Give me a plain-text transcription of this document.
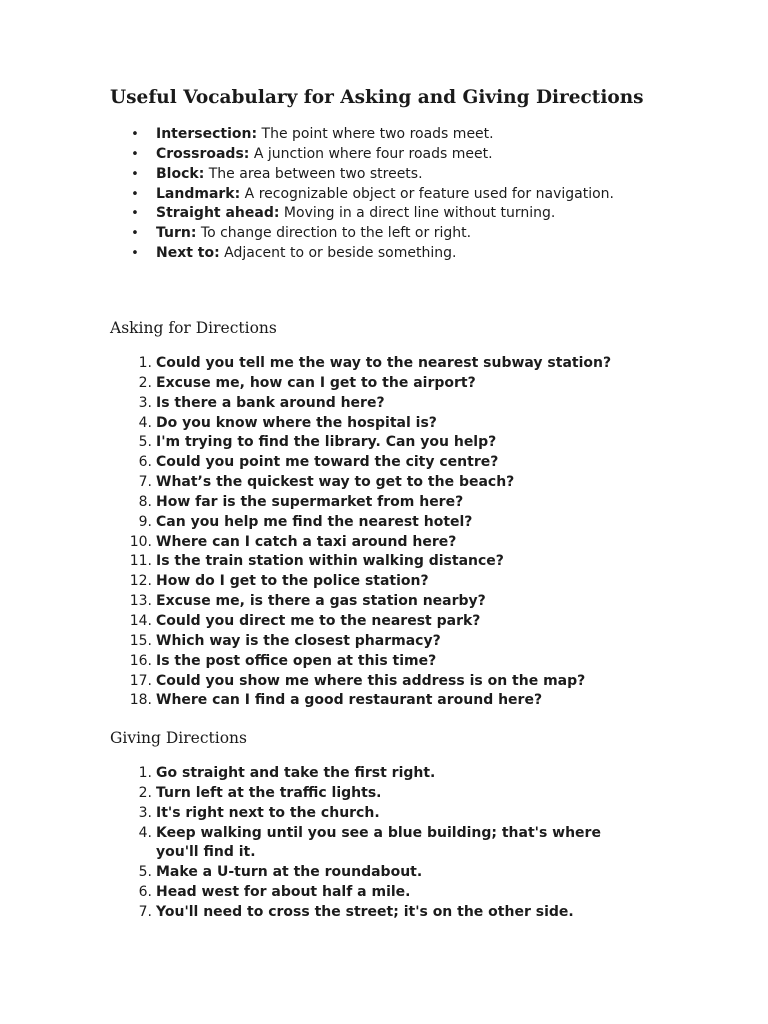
Useful Vocabulary for Asking and Giving Directions
• Intersection: The point where two roads meet.
• Crossroads: A junction where four roads meet.
• Block: The area between two streets.
• Landmark: A recognizable object or feature used for navigation.
• Straight ahead: Moving in a direct line without turning.
• Turn: To change direction to the left or right.
• Next to: Adjacent to or beside something.
Asking for Directions
1. Could you tell me the way to the nearest subway station?
2. Excuse me, how can I get to the airport?
3. Is there a bank around here?
4. Do you know where the hospital is?
5. I'm trying to find the library. Can you help?
6. Could you point me toward the city centre?
7. What’s the quickest way to get to the beach?
8. How far is the supermarket from here?
9. Can you help me find the nearest hotel?
10. Where can I catch a taxi around here?
11. Is the train station within walking distance?
12. How do I get to the police station?
13. Excuse me, is there a gas station nearby?
14. Could you direct me to the nearest park?
15. Which way is the closest pharmacy?
16. Is the post office open at this time?
17. Could you show me where this address is on the map?
18. Where can I find a good restaurant around here?
Giving Directions
1. Go straight and take the first right.
2. Turn left at the traffic lights.
3. It's right next to the church.
4. Keep walking until you see a blue building; that's where you'll find it.
5. Make a U-turn at the roundabout.
6. Head west for about half a mile.
7. You'll need to cross the street; it's on the other side.
